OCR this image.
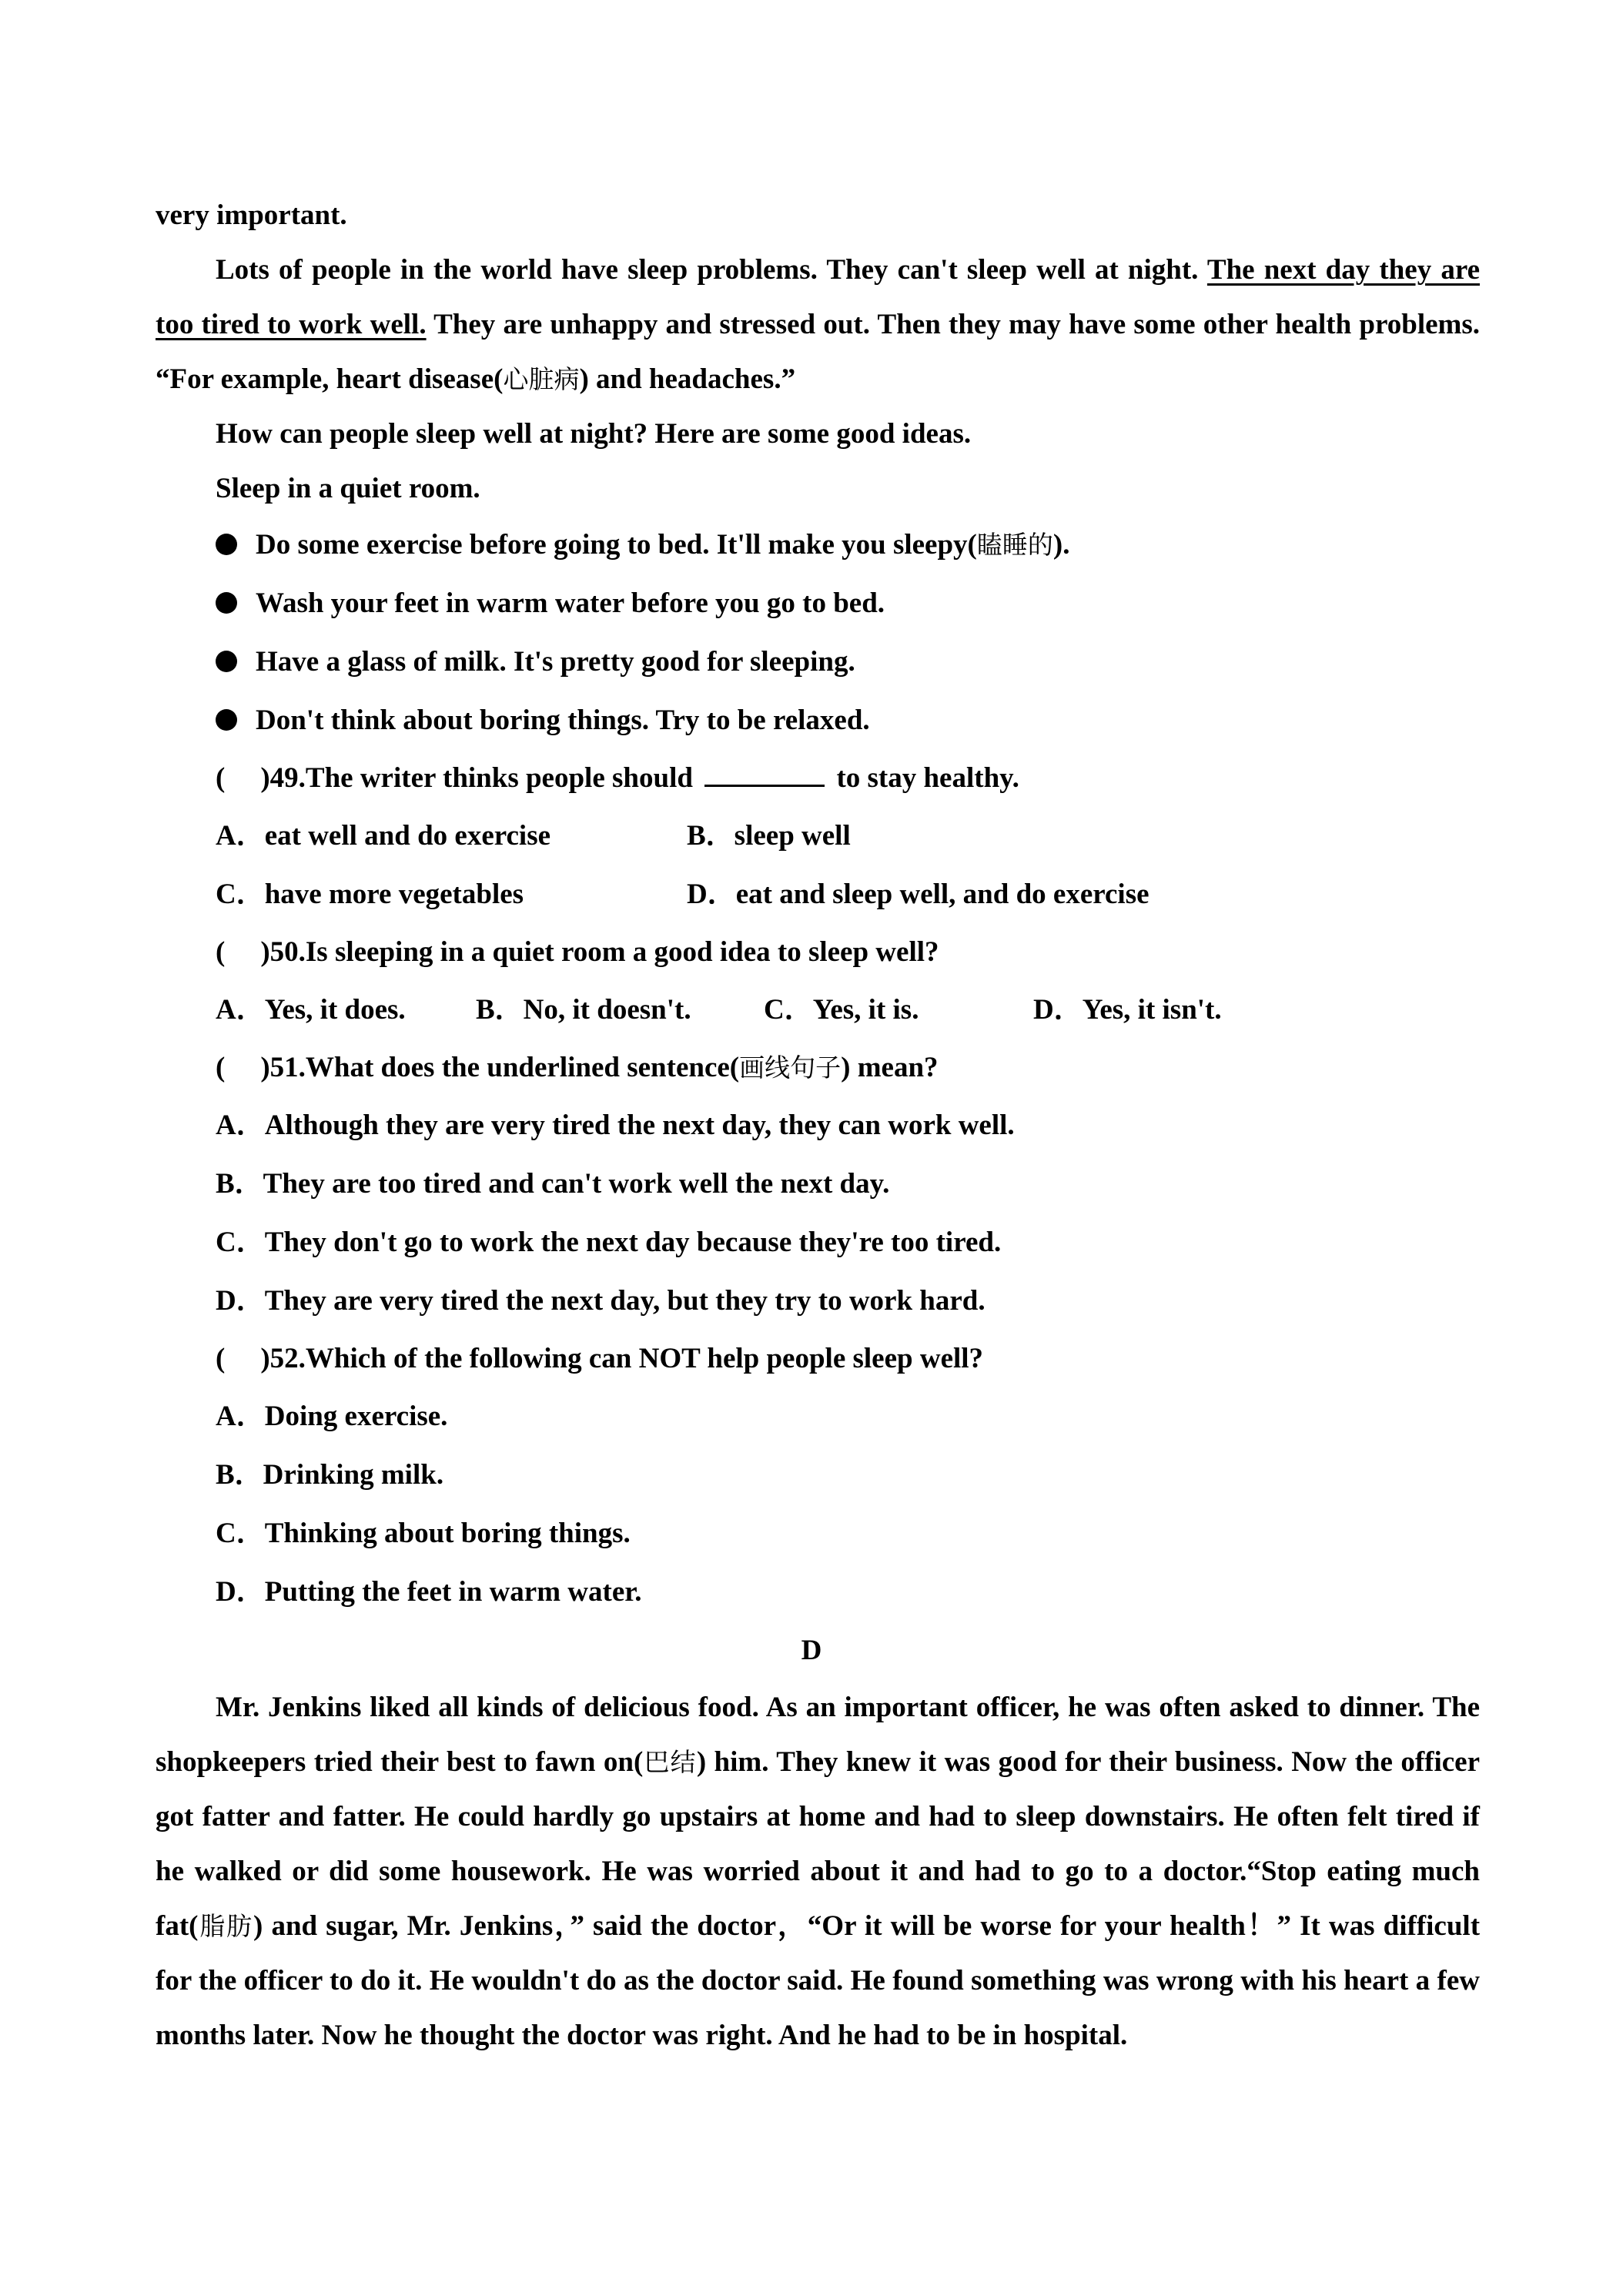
very important.

Lots of people in the world have sleep problems. They can't sleep well at night. The next day they are too tired to work well. They are unhappy and stressed out. Then they may have some other health problems. “For example, heart disease(心脏病) and headaches.”

How can people sleep well at night? Here are some good ideas.

Sleep in a quiet room.

Do some exercise before going to bed. It'll make you sleepy(瞌睡的).

Wash your feet in warm water before you go to bed.

Have a glass of milk. It's pretty good for sleeping.

Don't think about boring things. Try to be relaxed.

( )49.The writer thinks people should	to stay healthy.

A．eat well and do exercise	B．sleep well

C．have more vegetables	D．eat and sleep well, and do exercise

( )50.Is sleeping in a quiet room a good idea to sleep well?

A．Yes, it does.	B．No, it doesn't.	C．Yes, it is.	D．Yes, it isn't.

( )51.What does the underlined sentence(画线句子) mean?

A．Although they are very tired the next day, they can work well.

B．They are too tired and can't work well the next day.

C．They don't go to work the next day because they're too tired.

D．They are very tired the next day, but they try to work hard.

( )52.Which of the following can NOT help people sleep well?

A．Doing exercise.

B．Drinking milk.

C．Thinking about boring things.

D．Putting the feet in warm water.

D

Mr. Jenkins liked all kinds of delicious food. As an important officer, he was often asked to dinner. The shopkeepers tried their best to fawn on(巴结) him. They knew it was good for their business. Now the officer got fatter and fatter. He could hardly go upstairs at home and had to sleep downstairs. He often felt tired if he walked or did some housework. He was worried about it and had to go to a doctor.“Stop eating much fat(脂肪) and sugar, Mr. Jenkins，” said the doctor，“Or it will be worse for your health！” It was difficult for the officer to do it. He wouldn't do as the doctor said. He found something was wrong with his heart a few months later. Now he thought the doctor was right. And he had to be in hospital.
